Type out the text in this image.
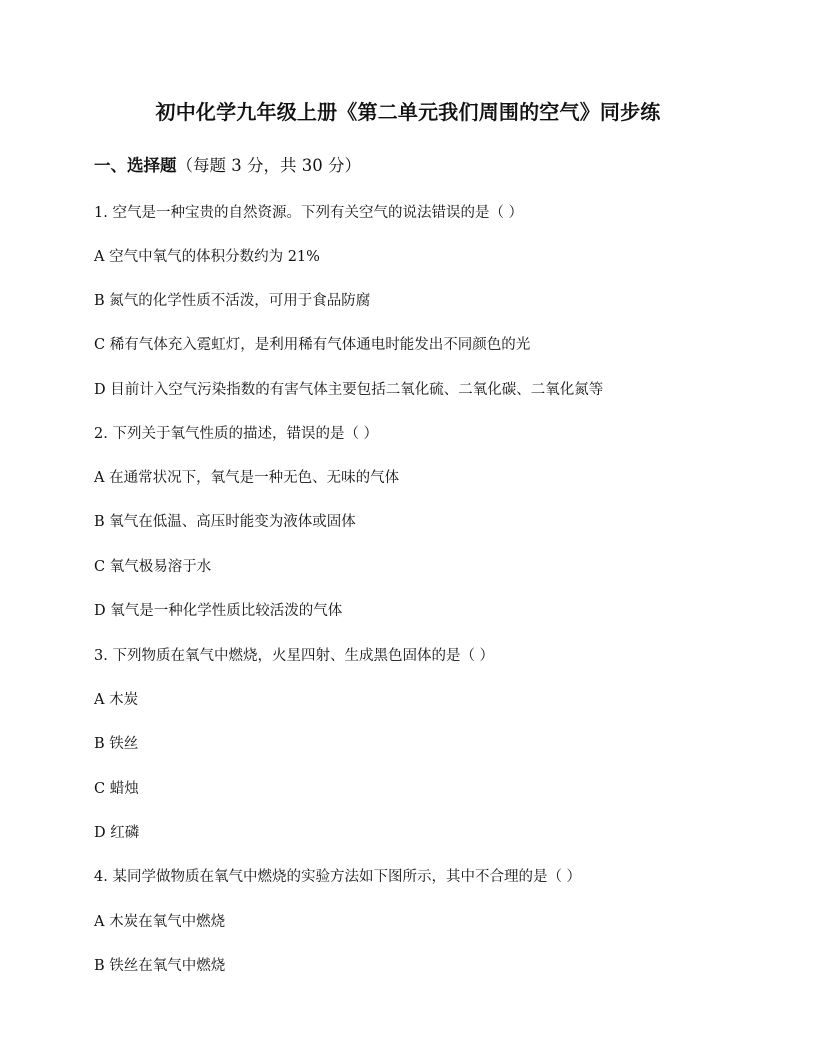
初中化学九年级上册《第二单元我们周围的空气》同步练
一、选择题（每题 3 分，共 30 分）
1. 空气是一种宝贵的自然资源。下列有关空气的说法错误的是（ ）
A 空气中氧气的体积分数约为 21%
B 氮气的化学性质不活泼，可用于食品防腐
C 稀有气体充入霓虹灯，是利用稀有气体通电时能发出不同颜色的光
D 目前计入空气污染指数的有害气体主要包括二氧化硫、二氧化碳、二氧化氮等
2. 下列关于氧气性质的描述，错误的是（ ）
A 在通常状况下，氧气是一种无色、无味的气体
B 氧气在低温、高压时能变为液体或固体
C 氧气极易溶于水
D 氧气是一种化学性质比较活泼的气体
3. 下列物质在氧气中燃烧，火星四射、生成黑色固体的是（ ）
A 木炭
B 铁丝
C 蜡烛
D 红磷
4. 某同学做物质在氧气中燃烧的实验方法如下图所示，其中不合理的是（ ）
A 木炭在氧气中燃烧
B 铁丝在氧气中燃烧
